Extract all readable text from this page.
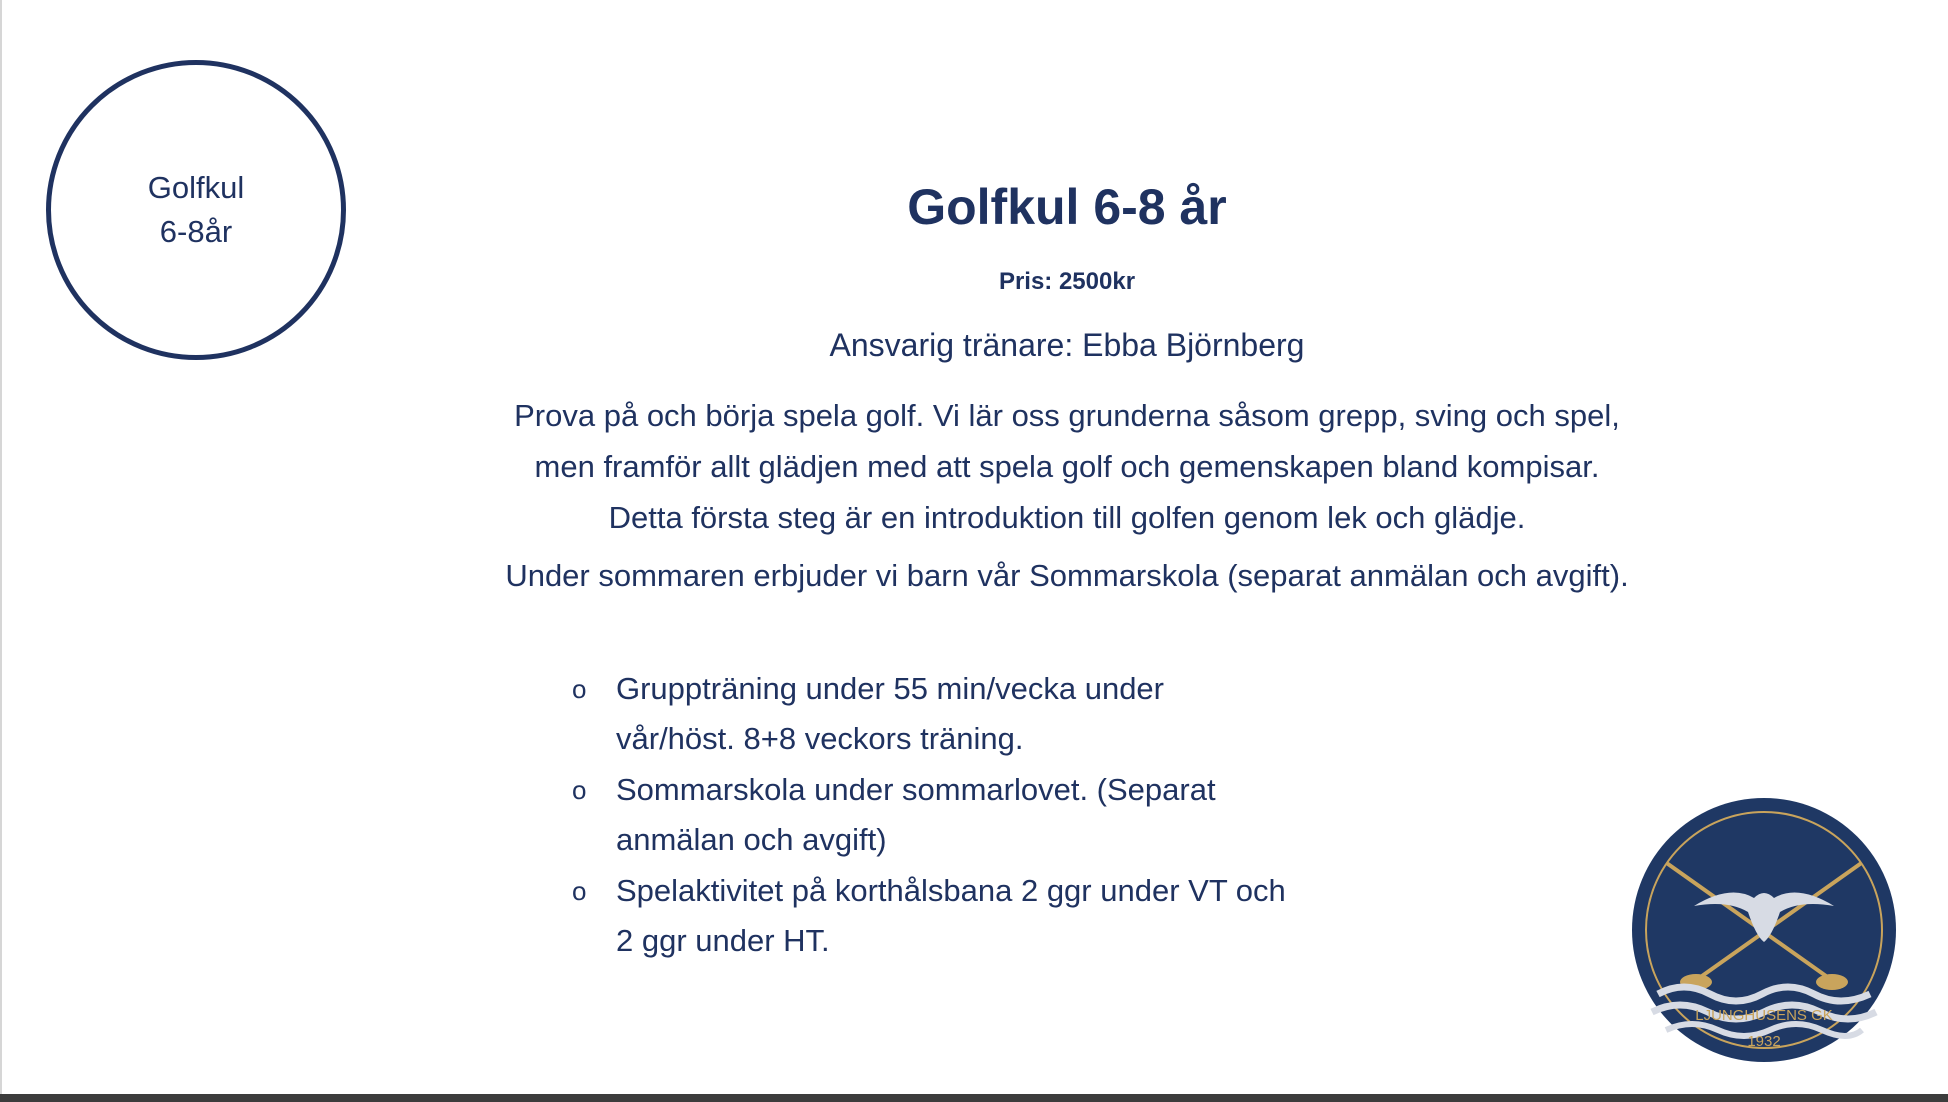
Golfkul
6-8år	Golfkul 6-8 år
Pris: 2500kr
Ansvarig tränare: Ebba Björnberg
Prova på och börja spela golf. Vi lär oss grunderna såsom grepp, sving och spel,
men framför allt glädjen med att spela golf och gemenskapen bland kompisar.
Detta första steg är en introduktion till golfen genom lek och glädje.
Under sommaren erbjuder vi barn vår Sommarskola (separat anmälan och avgift).
o Gruppträning under 55 min/vecka under
vår/höst. 8+8 veckors träning.
o Sommarskola under sommarlovet. (Separat
anmälan och avgift)
o Spelaktivitet på korthålsbana 2 ggr under VT och
2 ggr under HT.
LJUNGHUSENS GK
1932
